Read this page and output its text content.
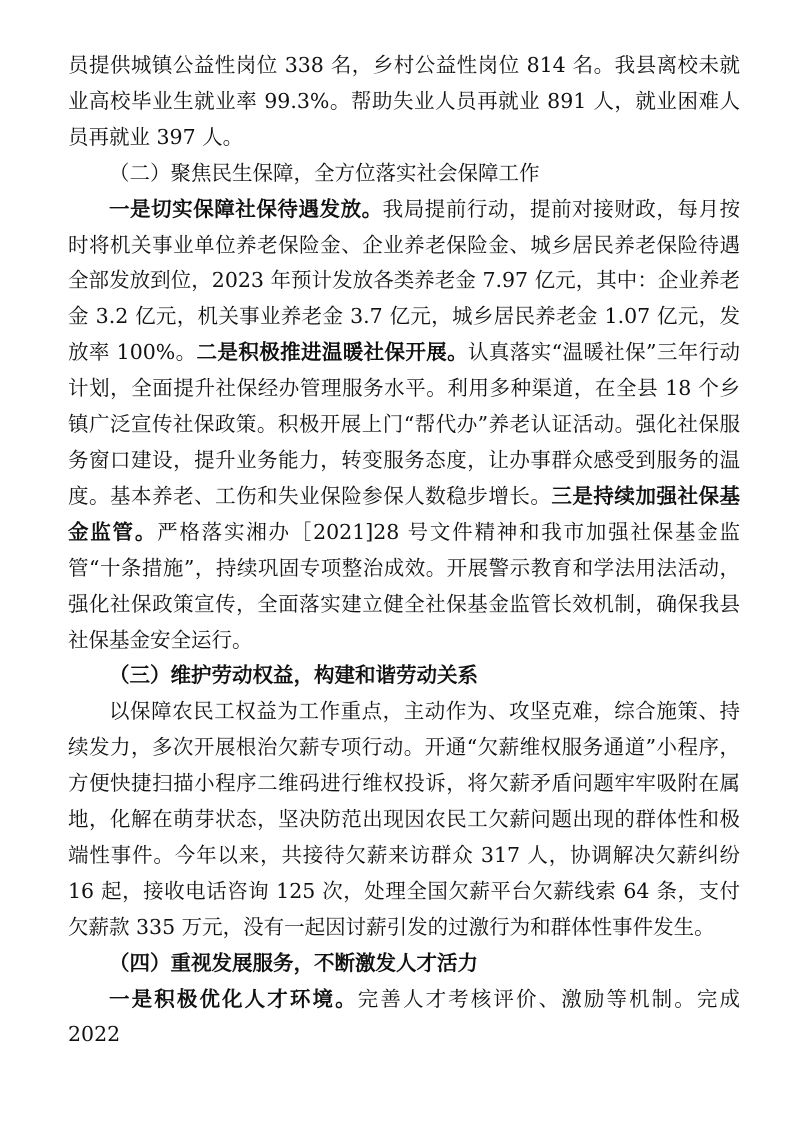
员提供城镇公益性岗位 338 名，乡村公益性岗位 814 名。我县离校未就业高校毕业生就业率 99.3%。帮助失业人员再就业 891 人，就业困难人员再就业 397 人。

（二）聚焦民生保障，全方位落实社会保障工作

一是切实保障社保待遇发放。我局提前行动，提前对接财政，每月按时将机关事业单位养老保险金、企业养老保险金、城乡居民养老保险待遇全部发放到位，2023 年预计发放各类养老金 7.97 亿元，其中：企业养老金 3.2 亿元，机关事业养老金 3.7 亿元，城乡居民养老金 1.07 亿元，发放率 100%。二是积极推进温暖社保开展。认真落实“温暖社保”三年行动计划，全面提升社保经办管理服务水平。利用多种渠道，在全县 18 个乡镇广泛宣传社保政策。积极开展上门“帮代办”养老认证活动。强化社保服务窗口建设，提升业务能力，转变服务态度，让办事群众感受到服务的温度。基本养老、工伤和失业保险参保人数稳步增长。三是持续加强社保基金监管。严格落实湘办［2021]28 号文件精神和我市加强社保基金监管“十条措施”，持续巩固专项整治成效。开展警示教育和学法用法活动，强化社保政策宣传，全面落实建立健全社保基金监管长效机制，确保我县社保基金安全运行。

（三）维护劳动权益，构建和谐劳动关系

以保障农民工权益为工作重点，主动作为、攻坚克难，综合施策、持续发力，多次开展根治欠薪专项行动。开通“欠薪维权服务通道”小程序，方便快捷扫描小程序二维码进行维权投诉，将欠薪矛盾问题牢牢吸附在属地，化解在萌芽状态，坚决防范出现因农民工欠薪问题出现的群体性和极端性事件。今年以来，共接待欠薪来访群众 317 人，协调解决欠薪纠纷 16 起，接收电话咨询 125 次，处理全国欠薪平台欠薪线索 64 条，支付欠薪款 335 万元，没有一起因讨薪引发的过激行为和群体性事件发生。

（四）重视发展服务，不断激发人才活力

一是积极优化人才环境。完善人才考核评价、激励等机制。完成 2022
